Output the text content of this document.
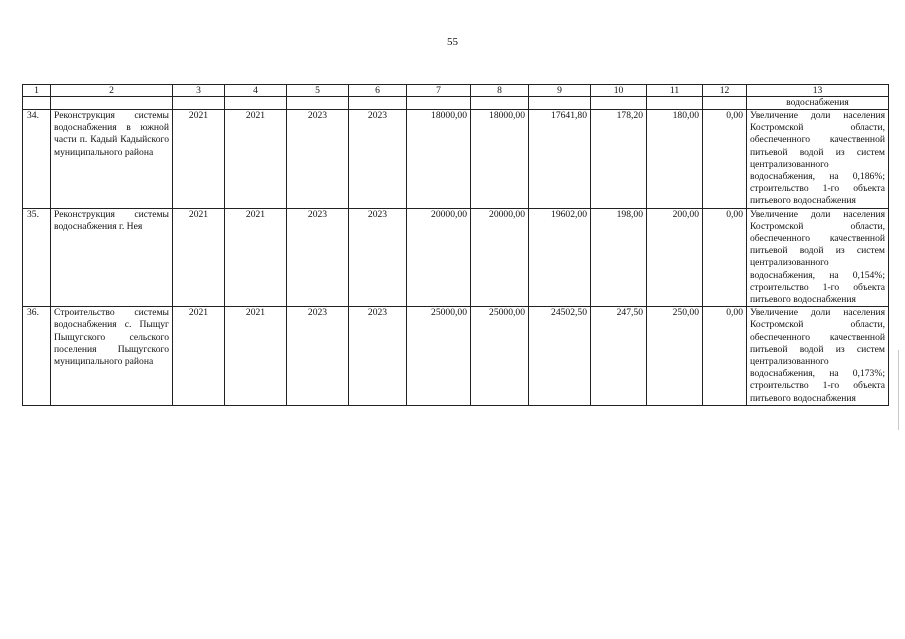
55
1	2	3	4	5	6	7	8	9	10	11	12	13
												водоснабжения
34.	Реконструкция системы водоснабжения в южной части п. Кадый Кадыйского муниципального района	2021	2021	2023	2023	18000,00	18000,00	17641,80	178,20	180,00	0,00	Увеличение доли населения Костромской области, обеспеченного качественной питьевой водой из систем централизованного водоснабжения, на 0,186%; строительство 1-го объекта питьевого водоснабжения
35.	Реконструкция системы водоснабжения г. Нея	2021	2021	2023	2023	20000,00	20000,00	19602,00	198,00	200,00	0,00	Увеличение доли населения Костромской области, обеспеченного качественной питьевой водой из систем централизованного водоснабжения, на 0,154%; строительство 1-го объекта питьевого водоснабжения
36.	Строительство системы водоснабжения с. Пыщуг Пыщугского сельского поселения Пыщугского муниципального района	2021	2021	2023	2023	25000,00	25000,00	24502,50	247,50	250,00	0,00	Увеличение доли населения Костромской области, обеспеченного качественной питьевой водой из систем централизованного водоснабжения, на 0,173%; строительство 1-го объекта питьевого водоснабжения
